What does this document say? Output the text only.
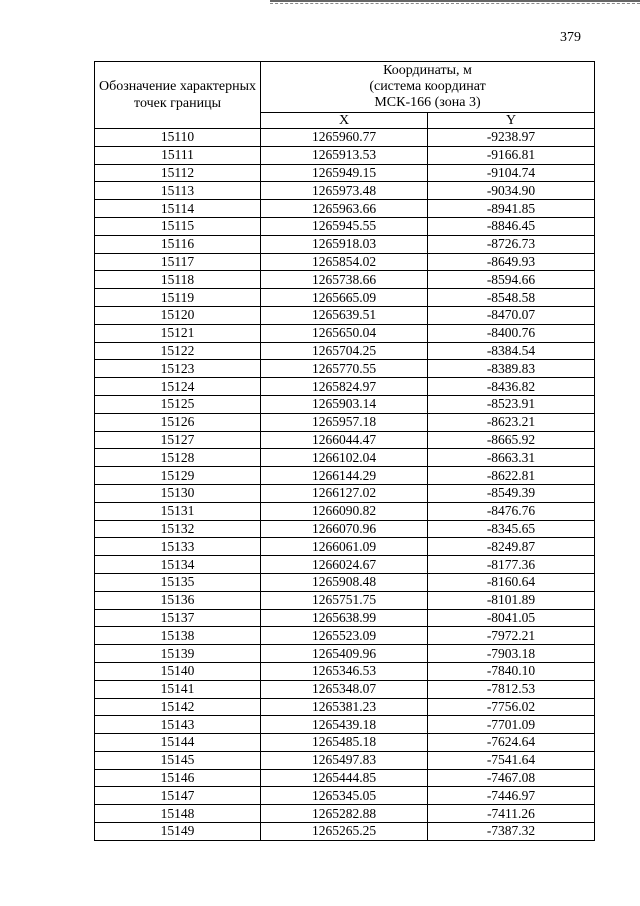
379
Обозначение характерных точек границы	Координаты, м
(система координат
МСК-166 (зона 3)	

	X	Y
15110	1265960.77	-9238.97
15111	1265913.53	-9166.81
15112	1265949.15	-9104.74
15113	1265973.48	-9034.90
15114	1265963.66	-8941.85
15115	1265945.55	-8846.45
15116	1265918.03	-8726.73
15117	1265854.02	-8649.93
15118	1265738.66	-8594.66
15119	1265665.09	-8548.58
15120	1265639.51	-8470.07
15121	1265650.04	-8400.76
15122	1265704.25	-8384.54
15123	1265770.55	-8389.83
15124	1265824.97	-8436.82
15125	1265903.14	-8523.91
15126	1265957.18	-8623.21
15127	1266044.47	-8665.92
15128	1266102.04	-8663.31
15129	1266144.29	-8622.81
15130	1266127.02	-8549.39
15131	1266090.82	-8476.76
15132	1266070.96	-8345.65
15133	1266061.09	-8249.87
15134	1266024.67	-8177.36
15135	1265908.48	-8160.64
15136	1265751.75	-8101.89
15137	1265638.99	-8041.05
15138	1265523.09	-7972.21
15139	1265409.96	-7903.18
15140	1265346.53	-7840.10
15141	1265348.07	-7812.53
15142	1265381.23	-7756.02
15143	1265439.18	-7701.09
15144	1265485.18	-7624.64
15145	1265497.83	-7541.64
15146	1265444.85	-7467.08
15147	1265345.05	-7446.97
15148	1265282.88	-7411.26
15149	1265265.25	-7387.32
